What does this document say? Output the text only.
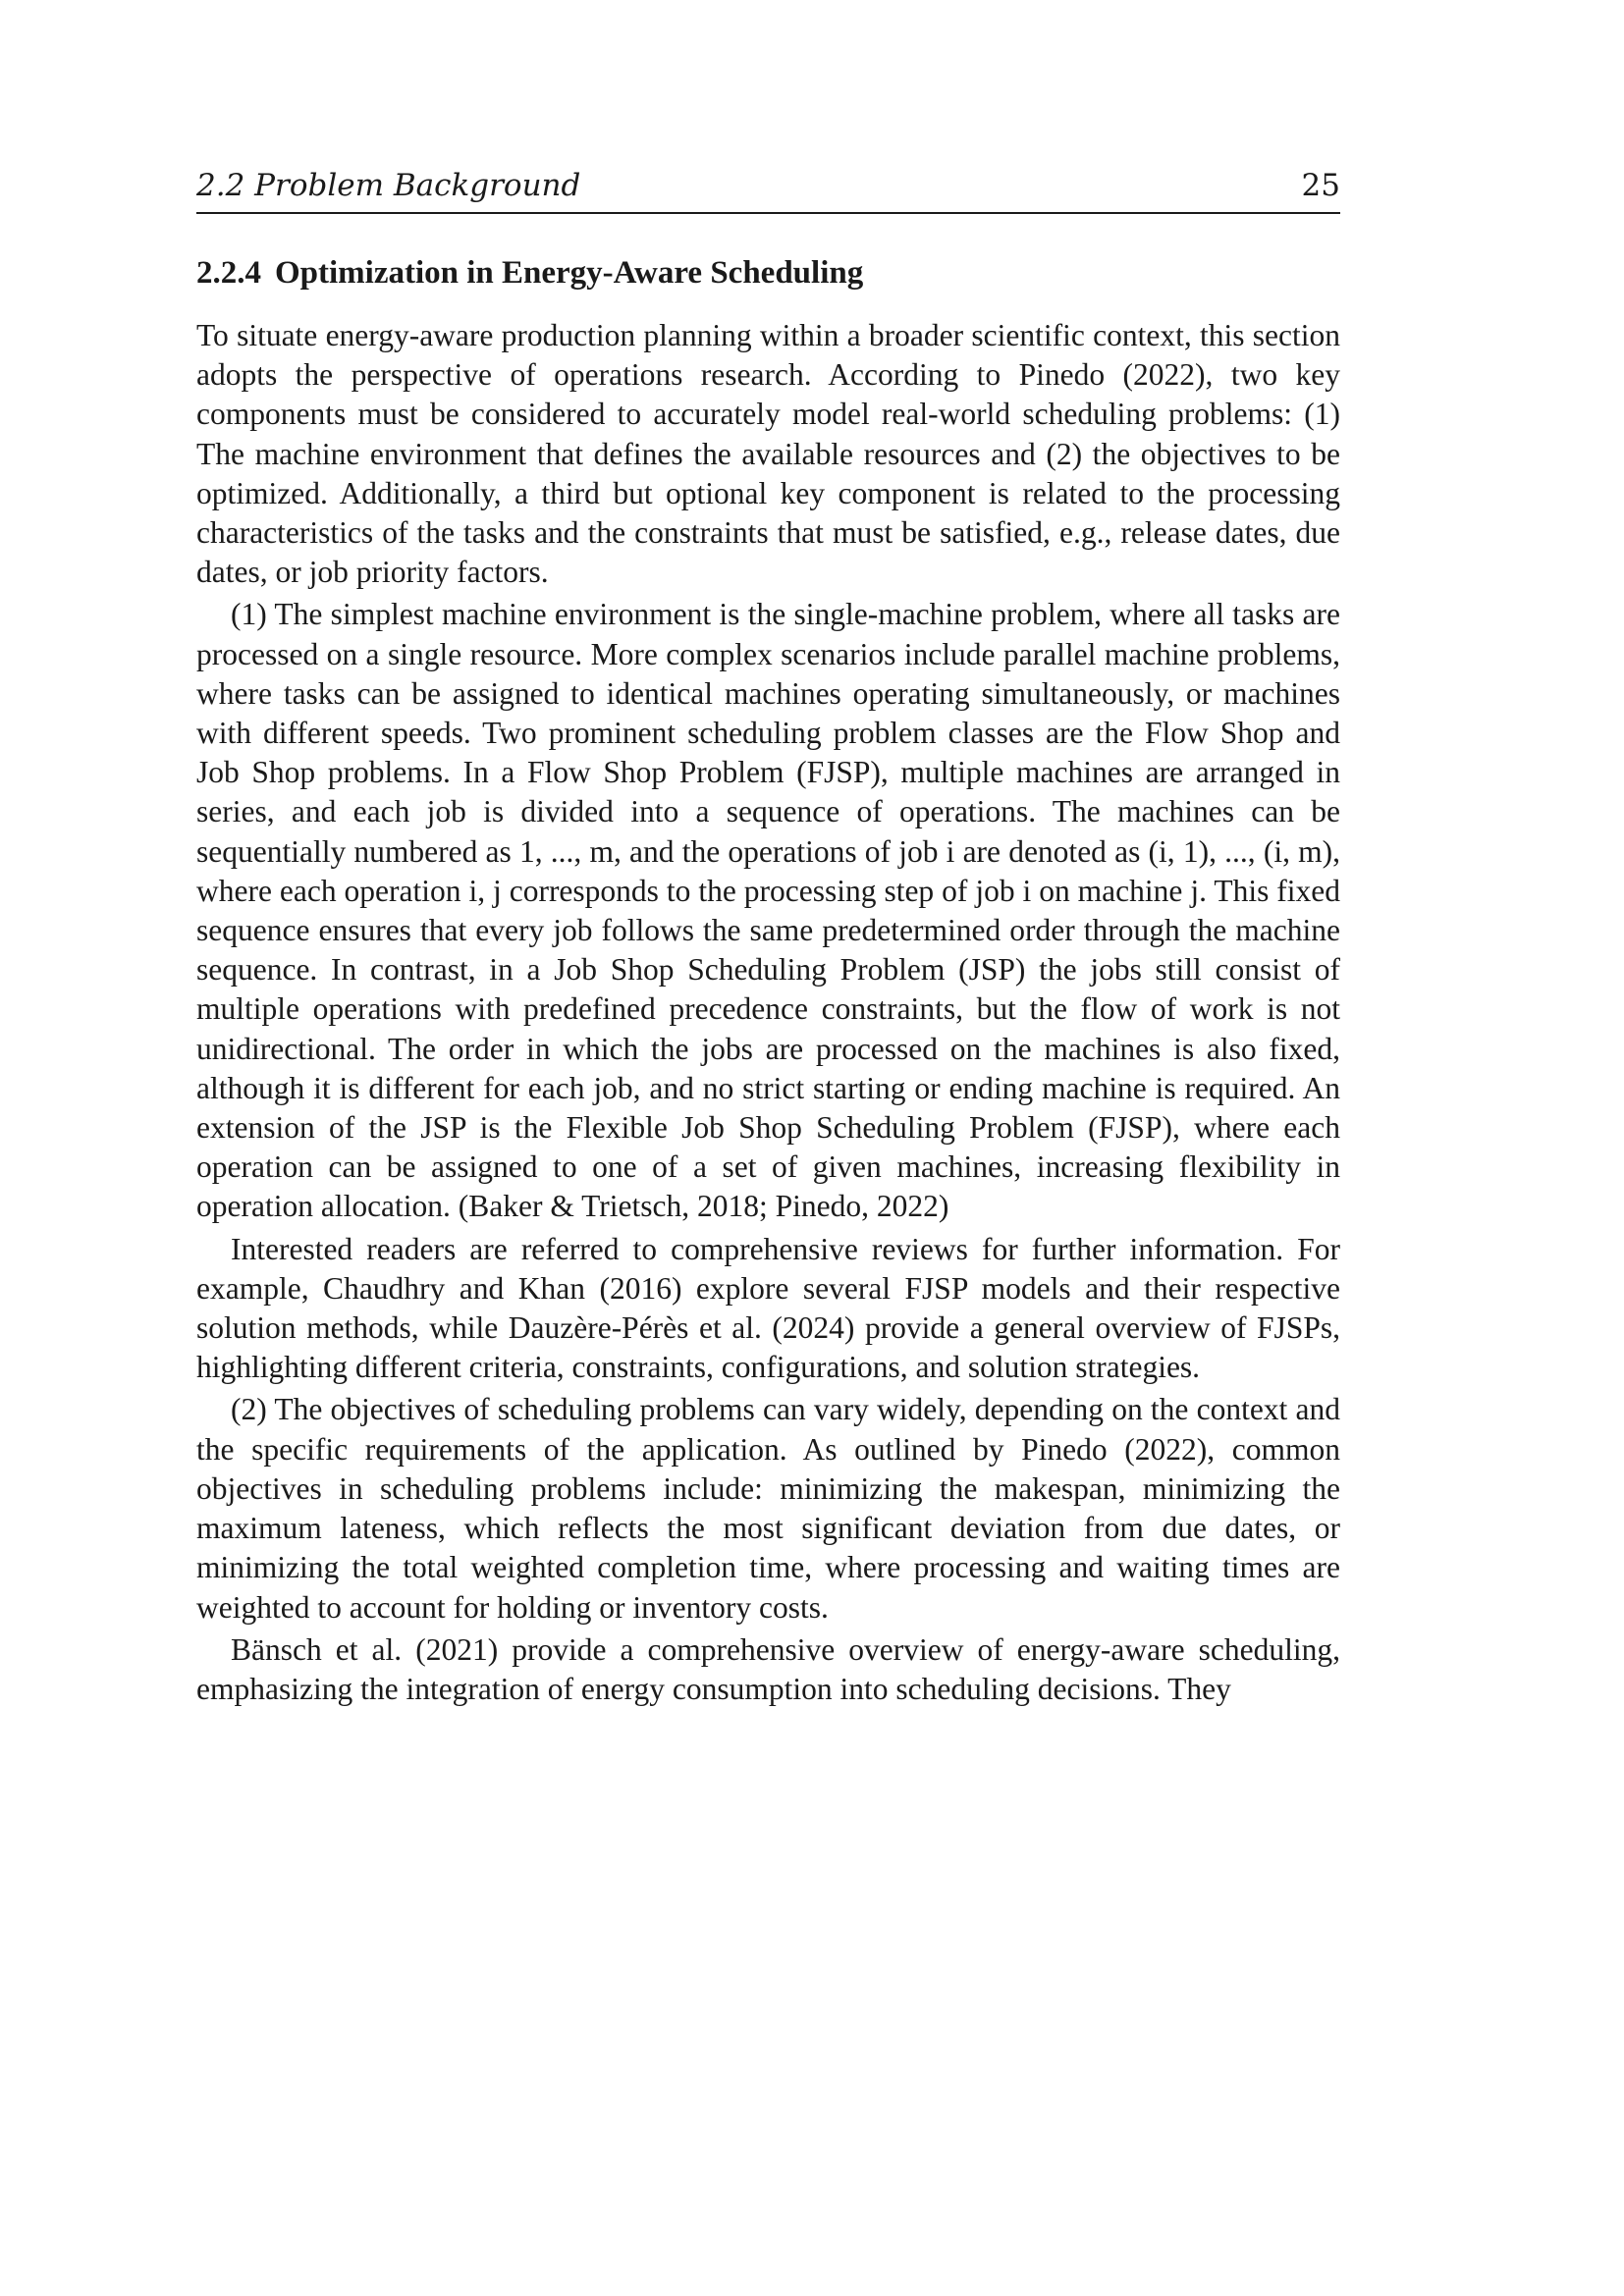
2.2 Problem Background	25
2.2.4 Optimization in Energy-Aware Scheduling

To situate energy-aware production planning within a broader scientific context, this section adopts the perspective of operations research. According to Pinedo (2022), two key components must be considered to accurately model real-world scheduling problems: (1) The machine environment that defines the available resources and (2) the objectives to be optimized. Additionally, a third but optional key component is related to the processing characteristics of the tasks and the constraints that must be satisfied, e.g., release dates, due dates, or job priority factors.

(1) The simplest machine environment is the single-machine problem, where all tasks are processed on a single resource. More complex scenarios include parallel machine problems, where tasks can be assigned to identical machines operating simultaneously, or machines with different speeds. Two prominent scheduling problem classes are the Flow Shop and Job Shop problems. In a Flow Shop Problem (FJSP), multiple machines are arranged in series, and each job is divided into a sequence of operations. The machines can be sequentially numbered as 1, ..., m, and the operations of job i are denoted as (i, 1), ..., (i, m), where each operation i, j corresponds to the processing step of job i on machine j. This fixed sequence ensures that every job follows the same predetermined order through the machine sequence. In contrast, in a Job Shop Scheduling Problem (JSP) the jobs still consist of multiple operations with predefined precedence constraints, but the flow of work is not unidirectional. The order in which the jobs are processed on the machines is also fixed, although it is different for each job, and no strict starting or ending machine is required. An extension of the JSP is the Flexible Job Shop Scheduling Problem (FJSP), where each operation can be assigned to one of a set of given machines, increasing flexibility in operation allocation. (Baker & Trietsch, 2018; Pinedo, 2022)

Interested readers are referred to comprehensive reviews for further information. For example, Chaudhry and Khan (2016) explore several FJSP models and their respective solution methods, while Dauzère-Pérès et al. (2024) provide a general overview of FJSPs, highlighting different criteria, constraints, configurations, and solution strategies.

(2) The objectives of scheduling problems can vary widely, depending on the context and the specific requirements of the application. As outlined by Pinedo (2022), common objectives in scheduling problems include: minimizing the makespan, minimizing the maximum lateness, which reflects the most significant deviation from due dates, or minimizing the total weighted completion time, where processing and waiting times are weighted to account for holding or inventory costs.

Bänsch et al. (2021) provide a comprehensive overview of energy-aware scheduling, emphasizing the integration of energy consumption into scheduling decisions. They
